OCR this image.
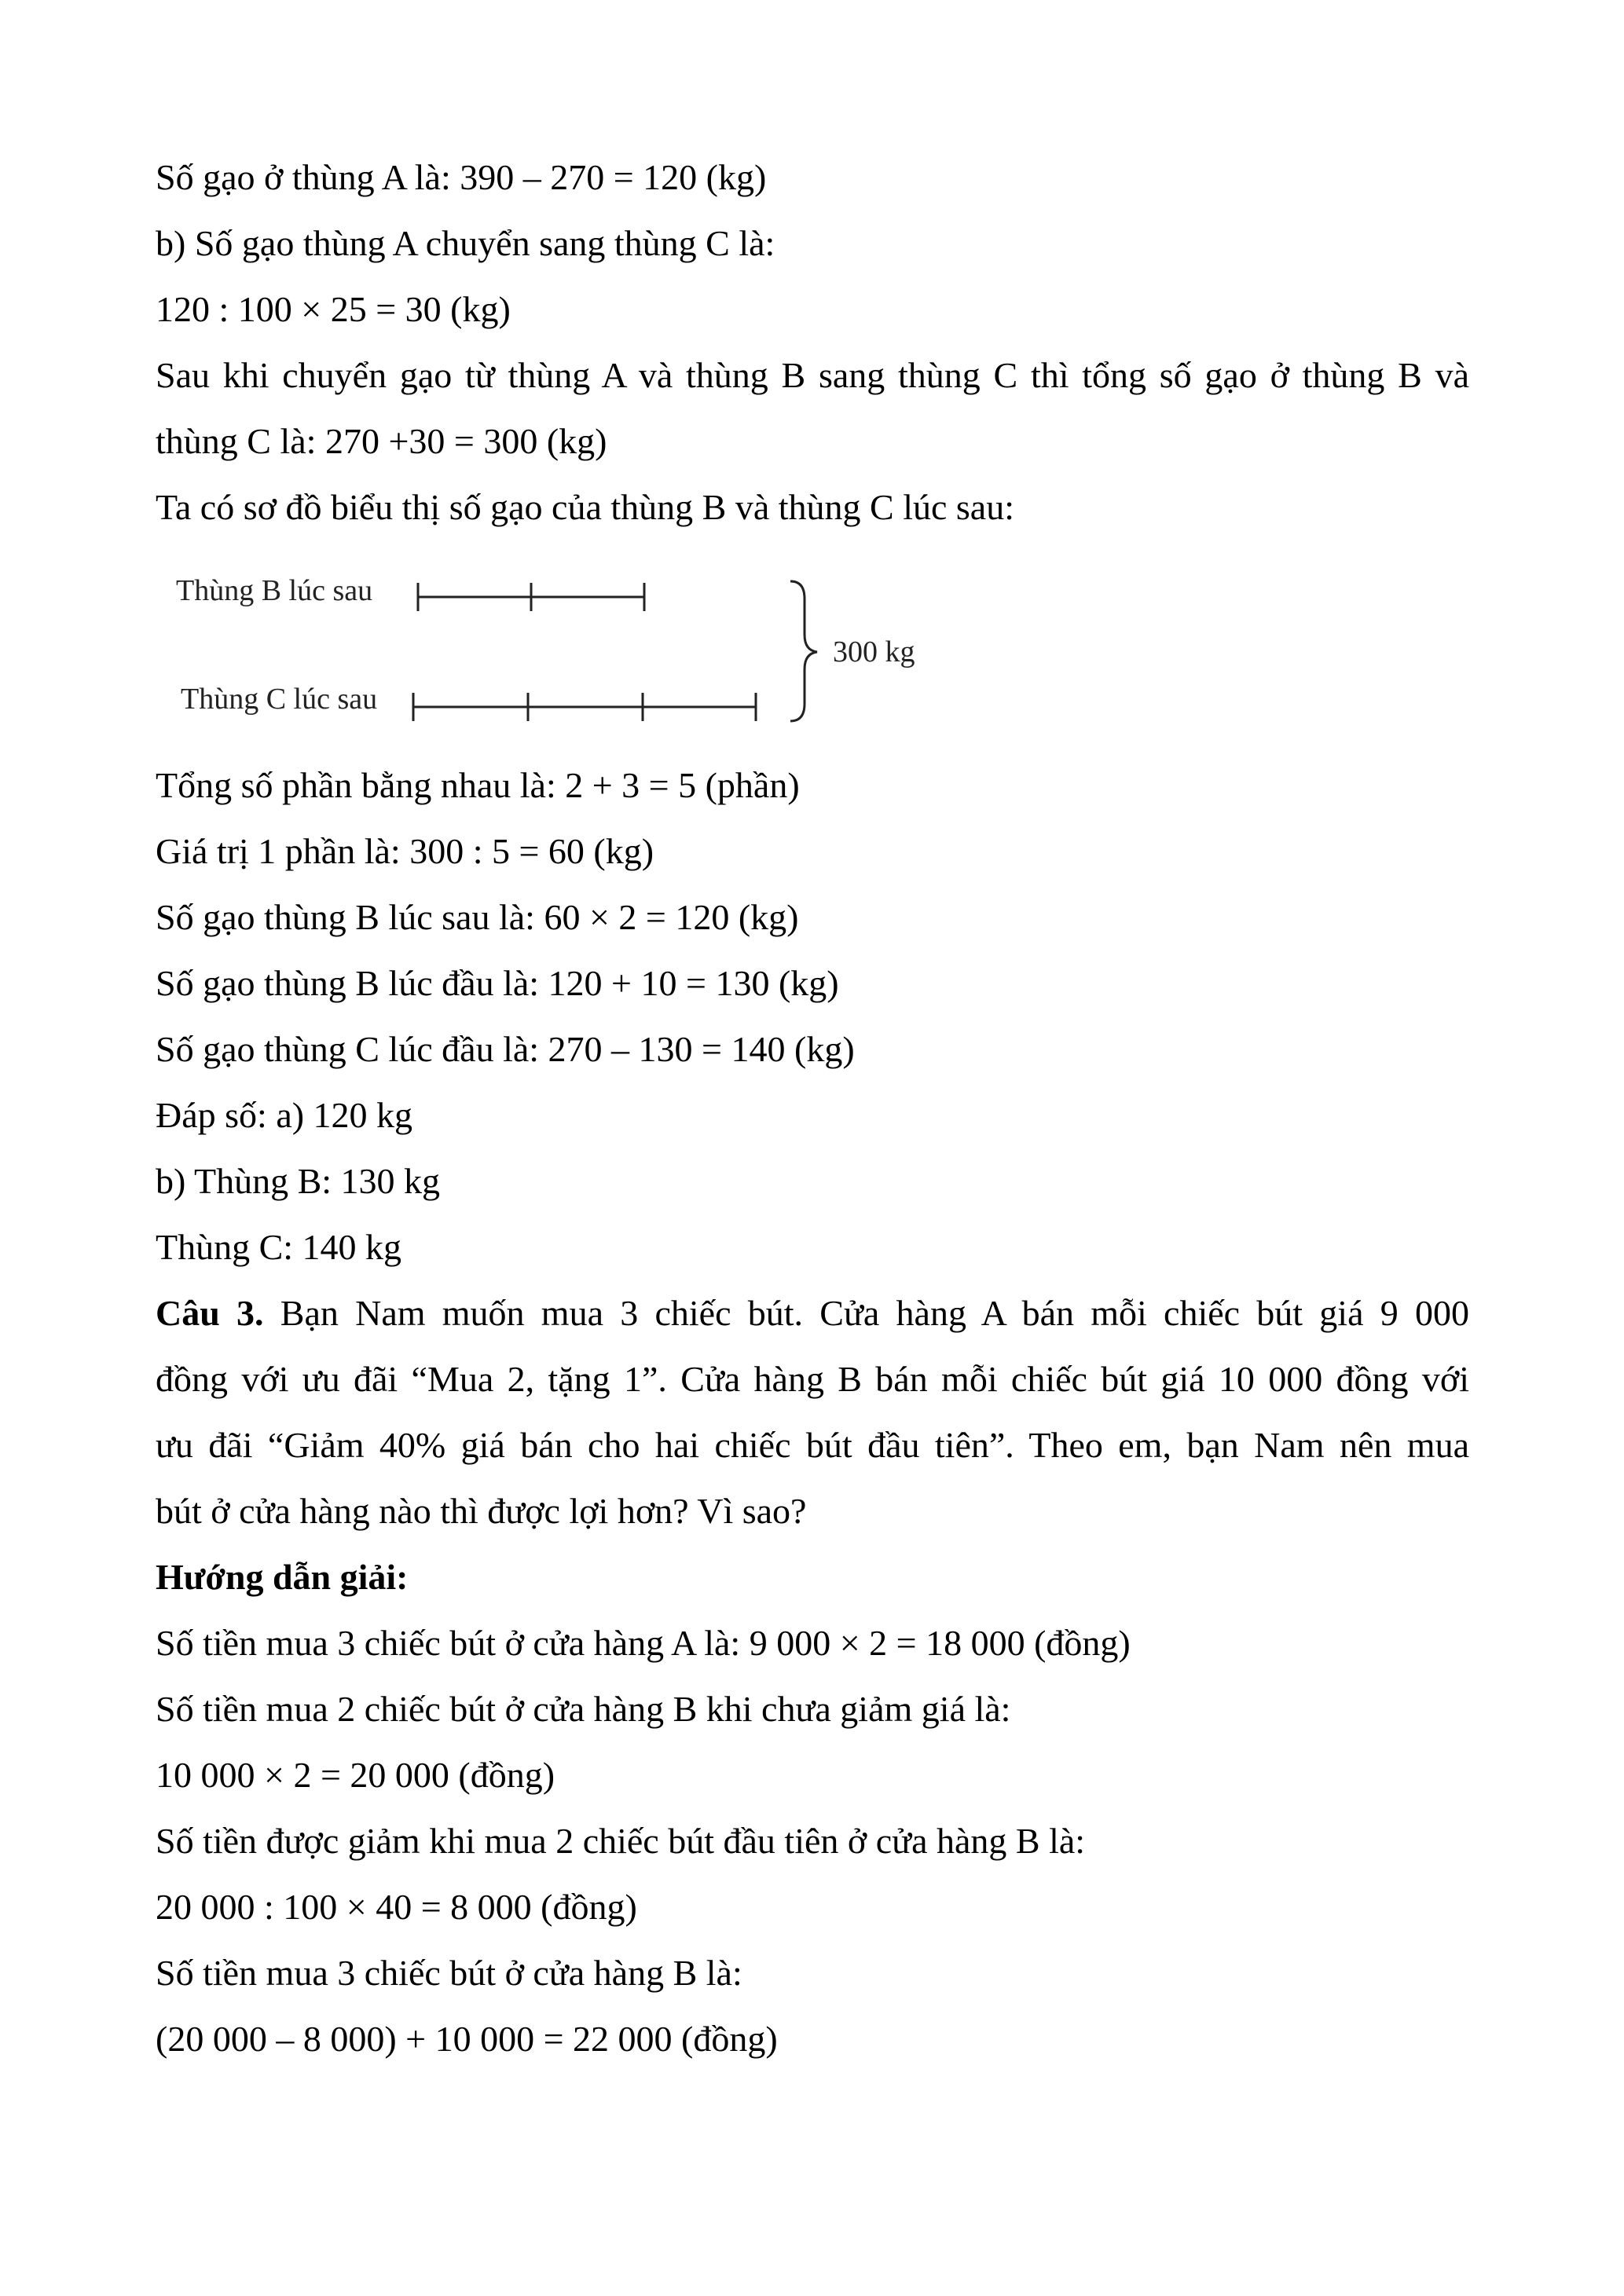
Số gạo ở thùng A là: 390 – 270 = 120 (kg)
b) Số gạo thùng A chuyển sang thùng C là:
120 : 100 × 25 = 30 (kg)
Sau khi chuyển gạo từ thùng A và thùng B sang thùng C thì tổng số gạo ở thùng B và
thùng C là: 270 +30 = 300 (kg)
Ta có sơ đồ biểu thị số gạo của thùng B và thùng C lúc sau:
Thùng B lúc sau
Thùng C lúc sau
300 kg
Tổng số phần bằng nhau là: 2 + 3 = 5 (phần)
Giá trị 1 phần là: 300 : 5 = 60 (kg)
Số gạo thùng B lúc sau là: 60 × 2 = 120 (kg)
Số gạo thùng B lúc đầu là: 120 + 10 = 130 (kg)
Số gạo thùng C lúc đầu là: 270 – 130 = 140 (kg)
Đáp số: a) 120 kg
b) Thùng B: 130 kg
Thùng C: 140 kg
Câu 3. Bạn Nam muốn mua 3 chiếc bút. Cửa hàng A bán mỗi chiếc bút giá 9 000
đồng với ưu đãi “Mua 2, tặng 1”. Cửa hàng B bán mỗi chiếc bút giá 10 000 đồng với
ưu đãi “Giảm 40% giá bán cho hai chiếc bút đầu tiên”. Theo em, bạn Nam nên mua
bút ở cửa hàng nào thì được lợi hơn? Vì sao?
Hướng dẫn giải:
Số tiền mua 3 chiếc bút ở cửa hàng A là: 9 000 × 2 = 18 000 (đồng)
Số tiền mua 2 chiếc bút ở cửa hàng B khi chưa giảm giá là:
10 000 × 2 = 20 000 (đồng)
Số tiền được giảm khi mua 2 chiếc bút đầu tiên ở cửa hàng B là:
20 000 : 100 × 40 = 8 000 (đồng)
Số tiền mua 3 chiếc bút ở cửa hàng B là:
(20 000 – 8 000) + 10 000 = 22 000 (đồng)
